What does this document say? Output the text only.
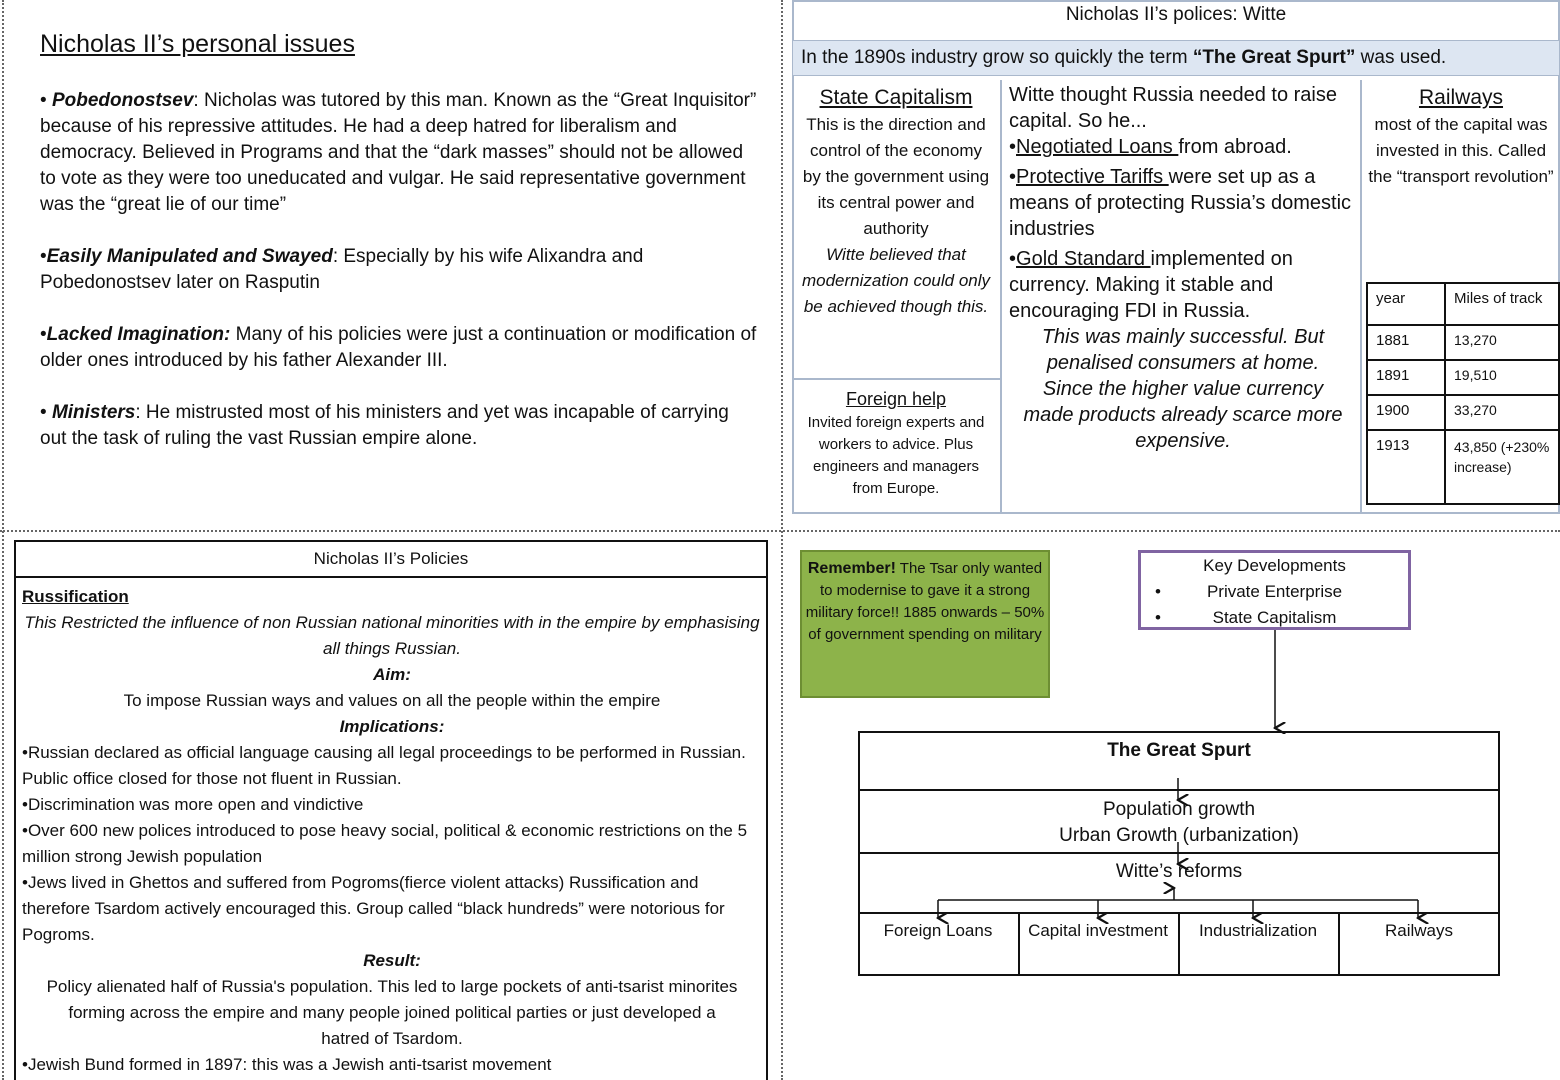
Nicholas II’s personal issues
• Pobedonostsev: Nicholas was tutored by this man. Known as the “Great Inquisitor” because of his repressive attitudes. He had a deep hatred for liberalism and democracy. Believed in Programs and that the “dark masses” should not be allowed to vote as they were too uneducated and vulgar. He said representative government was the “great lie of our time”
•Easily Manipulated and Swayed: Especially by his wife Alixandra and Pobedonostsev later on Rasputin
•Lacked Imagination: Many of his policies were just a continuation or modification of older ones introduced by his father Alexander III.
• Ministers: He mistrusted most of his ministers and yet was incapable of carrying out the task of ruling the vast Russian empire alone.
Nicholas II’s polices: Witte
In the 1890s industry grow so quickly the term “The Great Spurt” was used.
State Capitalism
This is the direction and control of the economy by the government using its central power and authority
Witte believed that modernization could only be achieved though this.
Foreign help
Invited foreign experts and workers to advice. Plus engineers and managers from Europe.
Witte thought Russia needed to raise capital. So he...
•Negotiated Loans from abroad.
•Protective Tariffs were set up as a means of protecting Russia’s domestic industries
•Gold Standard implemented on currency. Making it stable and encouraging FDI in Russia.
This was mainly successful. But penalised consumers at home. Since the higher value currency made products already scarce more expensive.
Railways
most of the capital was invested in this. Called the “transport revolution”
year	Miles of track
1881	13,270
1891	19,510
1900	33,270
1913	43,850 (+230% increase)
Nicholas II’s Policies
Russification
This Restricted the influence of non Russian national minorities with in the empire by emphasising all things Russian.
Aim:
To impose Russian ways and values on all the people within the empire
Implications:
•Russian declared as official language causing all legal proceedings to be performed in Russian. Public office closed for those not fluent in Russian.
•Discrimination was more open and vindictive
•Over 600 new polices introduced to pose heavy social, political & economic restrictions on the 5 million strong Jewish population
•Jews lived in Ghettos and suffered from Pogroms(fierce violent attacks) Russification and therefore Tsardom actively encouraged this. Group called “black hundreds” were notorious for Pogroms.
Result:
Policy alienated half of Russia's population. This led to large pockets of anti-tsarist minorites forming across the empire and many people joined political parties or just developed a hatred of Tsardom.
•Jewish Bund formed in 1897: this was a Jewish anti-tsarist movement
Remember! The Tsar only wanted to modernise to gave it a strong military force!! 1885 onwards – 50% of government spending on military
Key Developments
•	Private Enterprise
•	State Capitalism
The Great Spurt
Population growth
Urban Growth (urbanization)
Witte’s reforms
Foreign Loans	Capital investment	Industrialization	Railways
